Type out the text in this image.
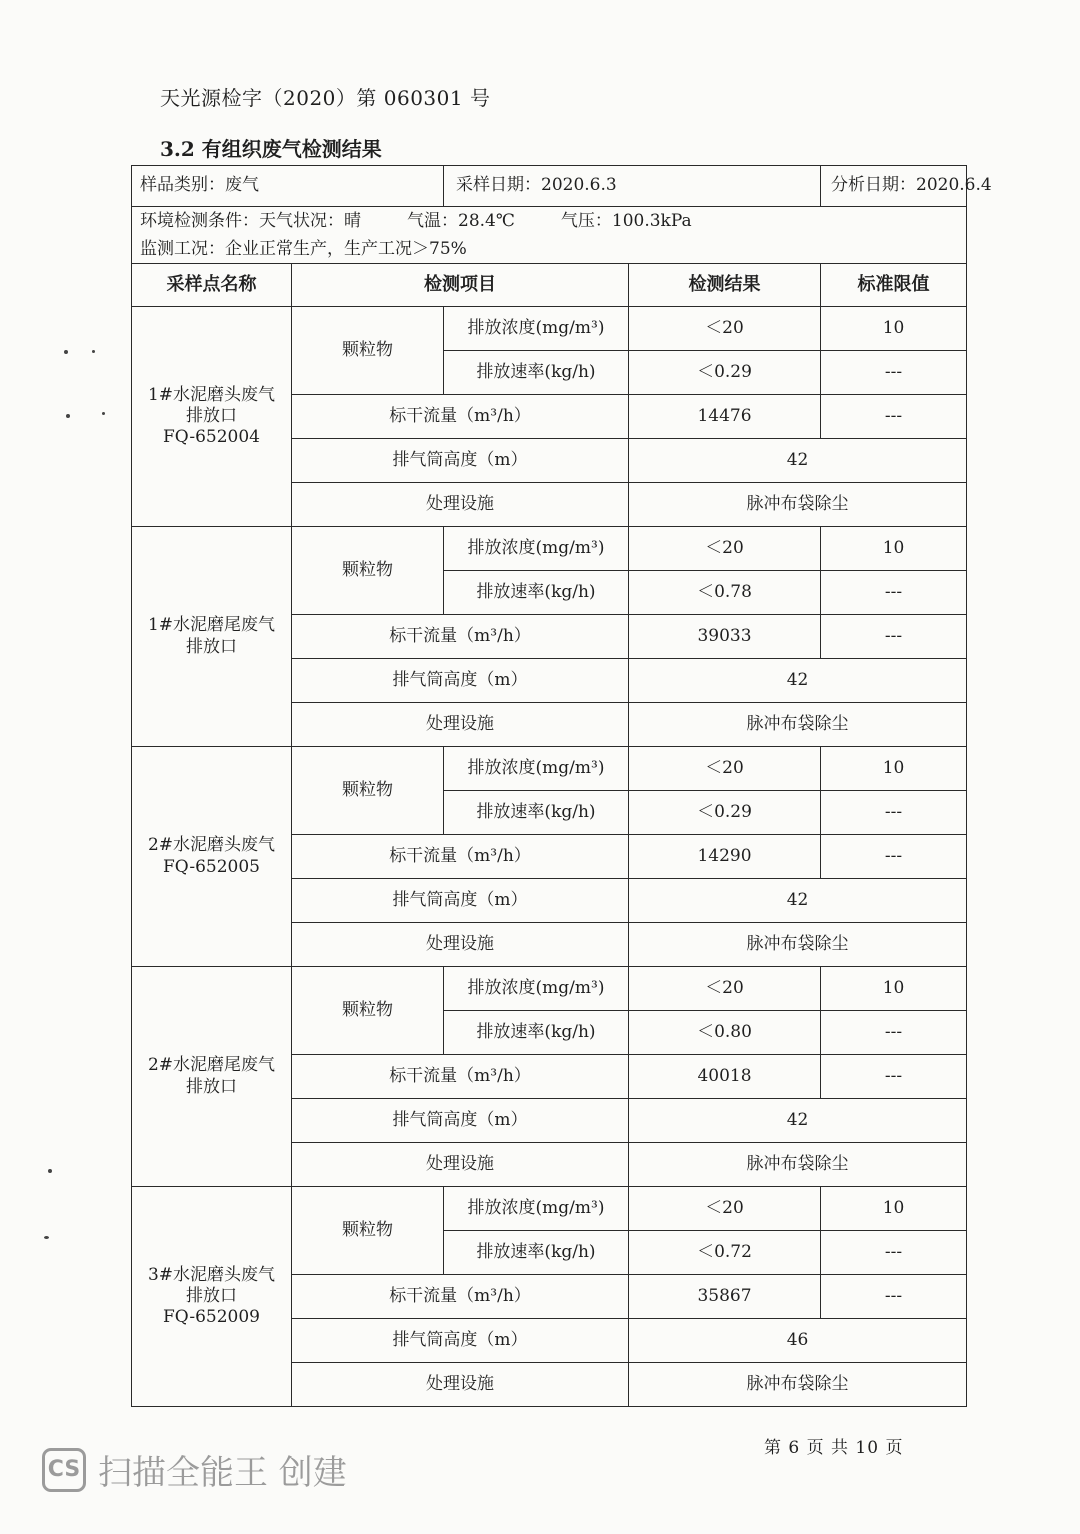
天光源检字（2020）第 060301 号
3.2 有组织废气检测结果
样品类别：废气		采样日期：2020.6.3		分析日期：2020.6.4

环境检测条件：天气状况：晴 气温：28.4℃ 气压：100.3kPa
监测工况：企业正常生产，生产工况＞75%				

采样点名称	检测项目		检测结果	标准限值

1#水泥磨头废气
排放口
FQ-652004	颗粒物	排放浓度(mg/m³)	＜20	10
		排放速率(kg/h)	＜0.29	---
	标干流量（m³/h）		14476	---
	排气筒高度（m）		42	
	处理设施		脉冲布袋除尘	

1#水泥磨尾废气
排放口	颗粒物	排放浓度(mg/m³)	＜20	10
		排放速率(kg/h)	＜0.78	---
	标干流量（m³/h）		39033	---
	排气筒高度（m）		42	
	处理设施		脉冲布袋除尘	

2#水泥磨头废气
FQ-652005	颗粒物	排放浓度(mg/m³)	＜20	10
		排放速率(kg/h)	＜0.29	---
	标干流量（m³/h）		14290	---
	排气筒高度（m）		42	
	处理设施		脉冲布袋除尘	

2#水泥磨尾废气
排放口	颗粒物	排放浓度(mg/m³)	＜20	10
		排放速率(kg/h)	＜0.80	---
	标干流量（m³/h）		40018	---
	排气筒高度（m）		42	
	处理设施		脉冲布袋除尘	

3#水泥磨头废气
排放口
FQ-652009	颗粒物	排放浓度(mg/m³)	＜20	10
		排放速率(kg/h)	＜0.72	---
	标干流量（m³/h）		35867	---
	排气筒高度（m）		46	
	处理设施		脉冲布袋除尘	
第 6 页 共 10 页
CS 扫描全能王 创建
